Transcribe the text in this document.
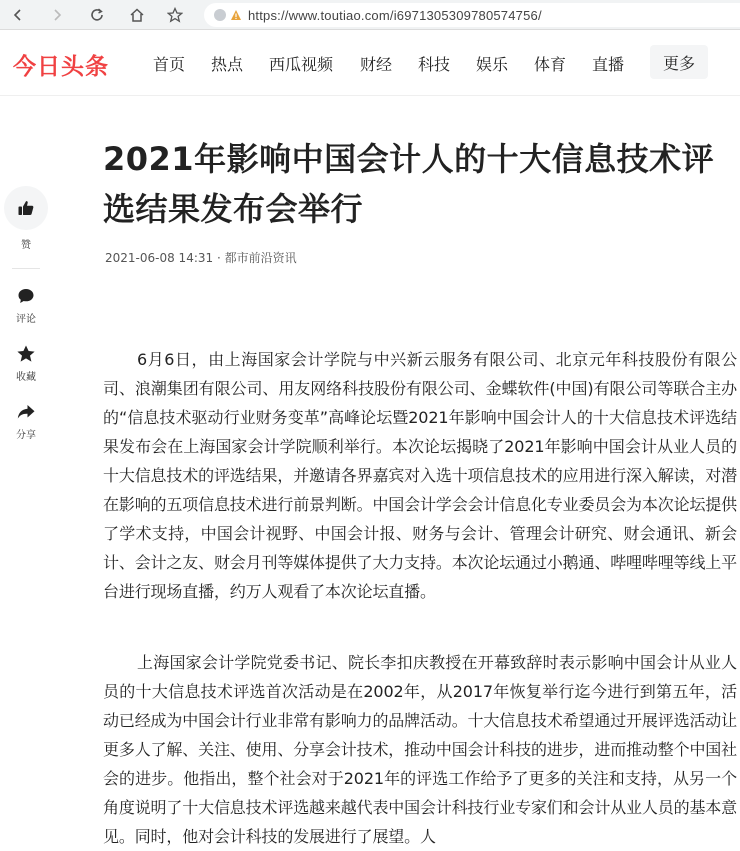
https://www.toutiao.com/i6971305309780574756/
今日头条	首页 热点 西瓜视频 财经 科技 娱乐 体育 直播	更多
赞
评论
收藏
分享
2021年影响中国会计人的十大信息技术评选结果发布会举行
2021-06-08 14:31 · 都市前沿资讯

6月6日，由上海国家会计学院与中兴新云服务有限公司、北京元年科技股份有限公司、浪潮集团有限公司、用友网络科技股份有限公司、金蝶软件(中国)有限公司等联合主办的“信息技术驱动行业财务变革”高峰论坛暨2021年影响中国会计人的十大信息技术评选结果发布会在上海国家会计学院顺利举行。本次论坛揭晓了2021年影响中国会计从业人员的十大信息技术的评选结果，并邀请各界嘉宾对入选十项信息技术的应用进行深入解读，对潜在影响的五项信息技术进行前景判断。中国会计学会会计信息化专业委员会为本次论坛提供了学术支持，中国会计视野、中国会计报、财务与会计、管理会计研究、财会通讯、新会计、会计之友、财会月刊等媒体提供了大力支持。本次论坛通过小鹅通、哔哩哔哩等线上平台进行现场直播，约万人观看了本次论坛直播。

上海国家会计学院党委书记、院长李扣庆教授在开幕致辞时表示影响中国会计从业人员的十大信息技术评选首次活动是在2002年，从2017年恢复举行迄今进行到第五年，活动已经成为中国会计行业非常有影响力的品牌活动。十大信息技术希望通过开展评选活动让更多人了解、关注、使用、分享会计技术，推动中国会计科技的进步，进而推动整个中国社会的进步。他指出，整个社会对于2021年的评选工作给予了更多的关注和支持，从另一个角度说明了十大信息技术评选越来越代表中国会计科技行业专家们和会计从业人员的基本意见。同时，他对会计科技的发展进行了展望。人
